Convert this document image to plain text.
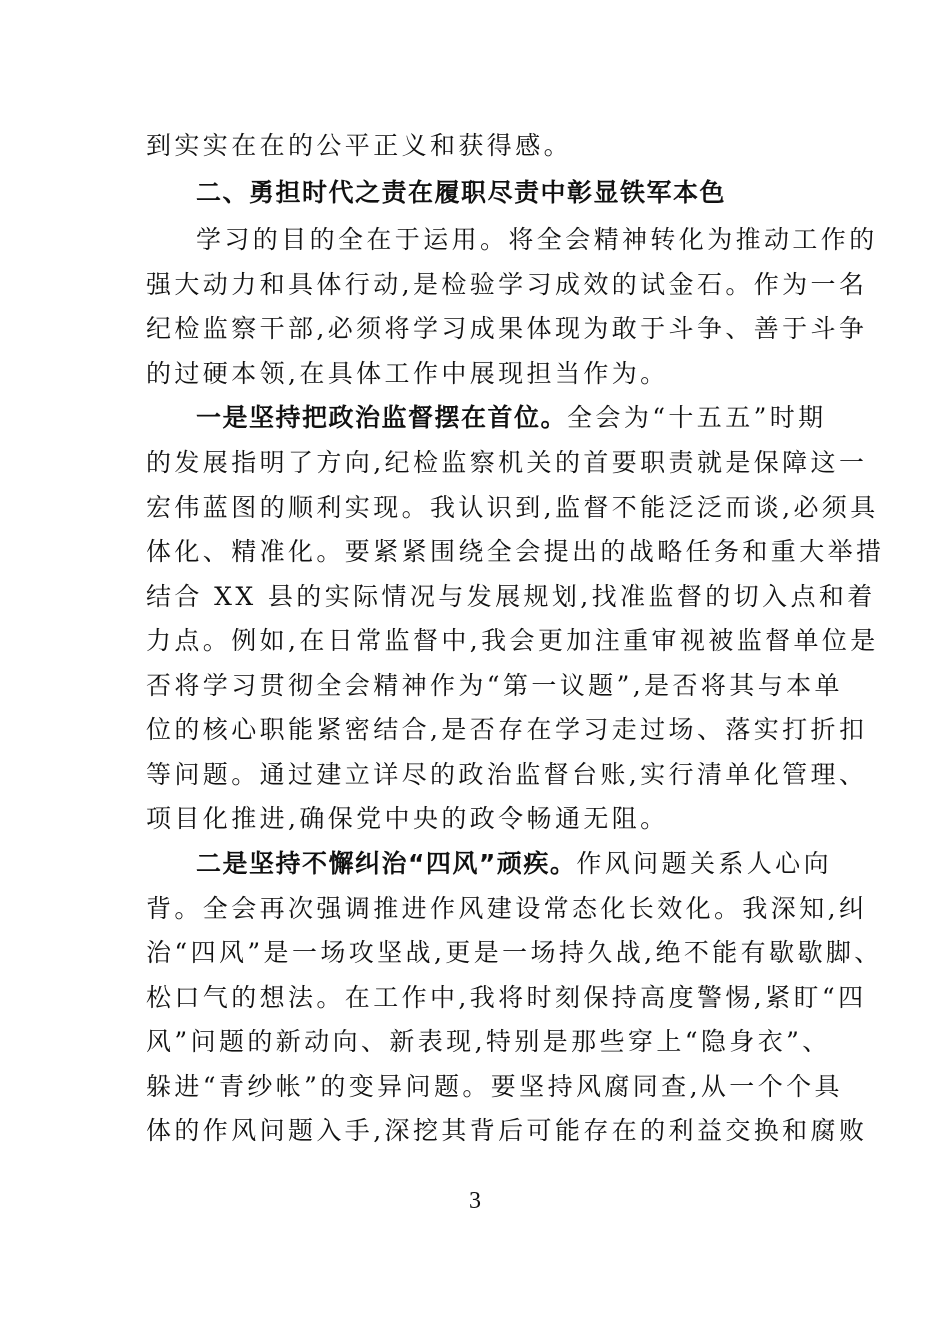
到实实在在的公平正义和获得感。
二、勇担时代之责在履职尽责中彰显铁军本色
学习的目的全在于运用。将全会精神转化为推动工作的
强大动力和具体行动,是检验学习成效的试金石。作为一名
纪检监察干部,必须将学习成果体现为敢于斗争、善于斗争
的过硬本领,在具体工作中展现担当作为。
一是坚持把政治监督摆在首位。全会为“十五五”时期
的发展指明了方向,纪检监察机关的首要职责就是保障这一
宏伟蓝图的顺利实现。我认识到,监督不能泛泛而谈,必须具
体化、精准化。要紧紧围绕全会提出的战略任务和重大举措
结合 XX 县的实际情况与发展规划,找准监督的切入点和着
力点。例如,在日常监督中,我会更加注重审视被监督单位是
否将学习贯彻全会精神作为“第一议题”,是否将其与本单
位的核心职能紧密结合,是否存在学习走过场、落实打折扣
等问题。通过建立详尽的政治监督台账,实行清单化管理、
项目化推进,确保党中央的政令畅通无阻。
二是坚持不懈纠治“四风”顽疾。作风问题关系人心向
背。全会再次强调推进作风建设常态化长效化。我深知,纠
治“四风”是一场攻坚战,更是一场持久战,绝不能有歇歇脚、
松口气的想法。在工作中,我将时刻保持高度警惕,紧盯“四
风”问题的新动向、新表现,特别是那些穿上“隐身衣”、
躲进“青纱帐”的变异问题。要坚持风腐同查,从一个个具
体的作风问题入手,深挖其背后可能存在的利益交换和腐败
3
